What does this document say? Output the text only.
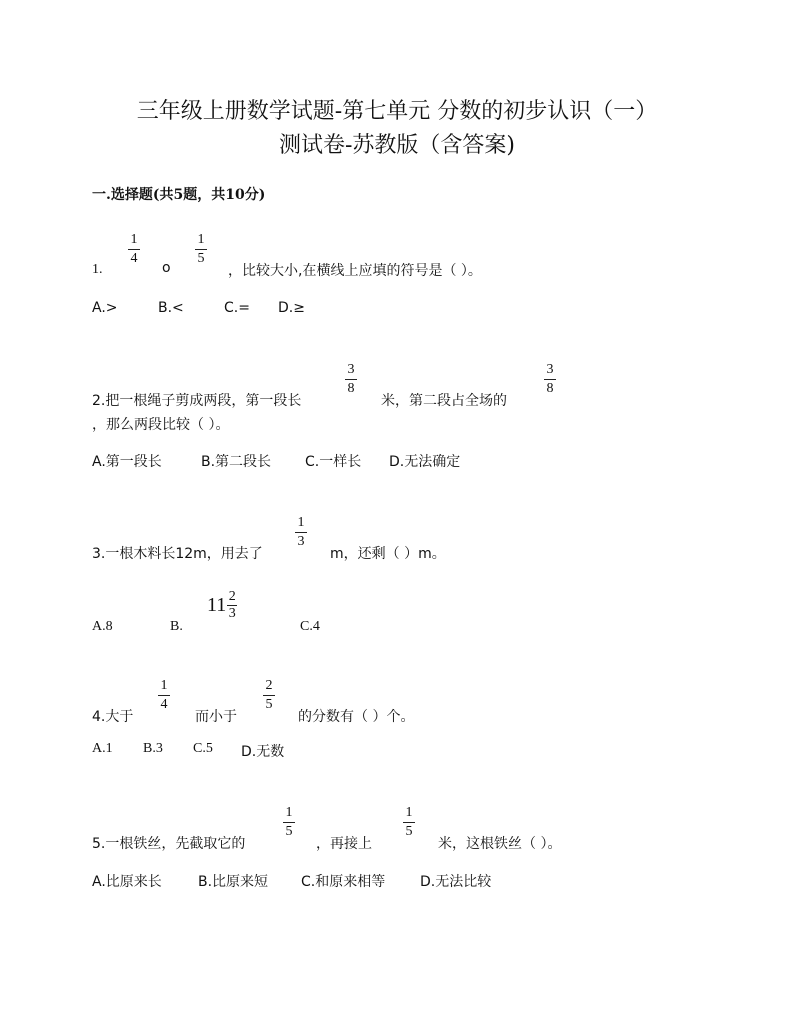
三年级上册数学试题-第七单元 分数的初步认识（一）
测试卷-苏教版（含答案)
一.选择题(共5题，共10分)
1.
1
4
o
1
5
，比较大小,在横线上应填的符号是（ ）。
A.>	B.<	C.= D.≥
2.把一根绳子剪成两段，第一段长
3
8
米，第二段占全场的
3
8
，那么两段比较（ ）。
A.第一段长	B.第二段长 C.一样长 D.无法确定
3.一根木料长12m，用去了
1
3
m，还剩（ ）m。
A.8	B.
$11 \frac{2}{3}$
C.4
4.大于
1
4
而小于
2
5
的分数有（ ）个。
A.1 B.3 C.5 D.无数
5.一根铁丝，先截取它的
1
5
，再接上
1
5
米，这根铁丝（ ）。
A.比原来长	B.比原来短 C.和原来相等 D.无法比较
